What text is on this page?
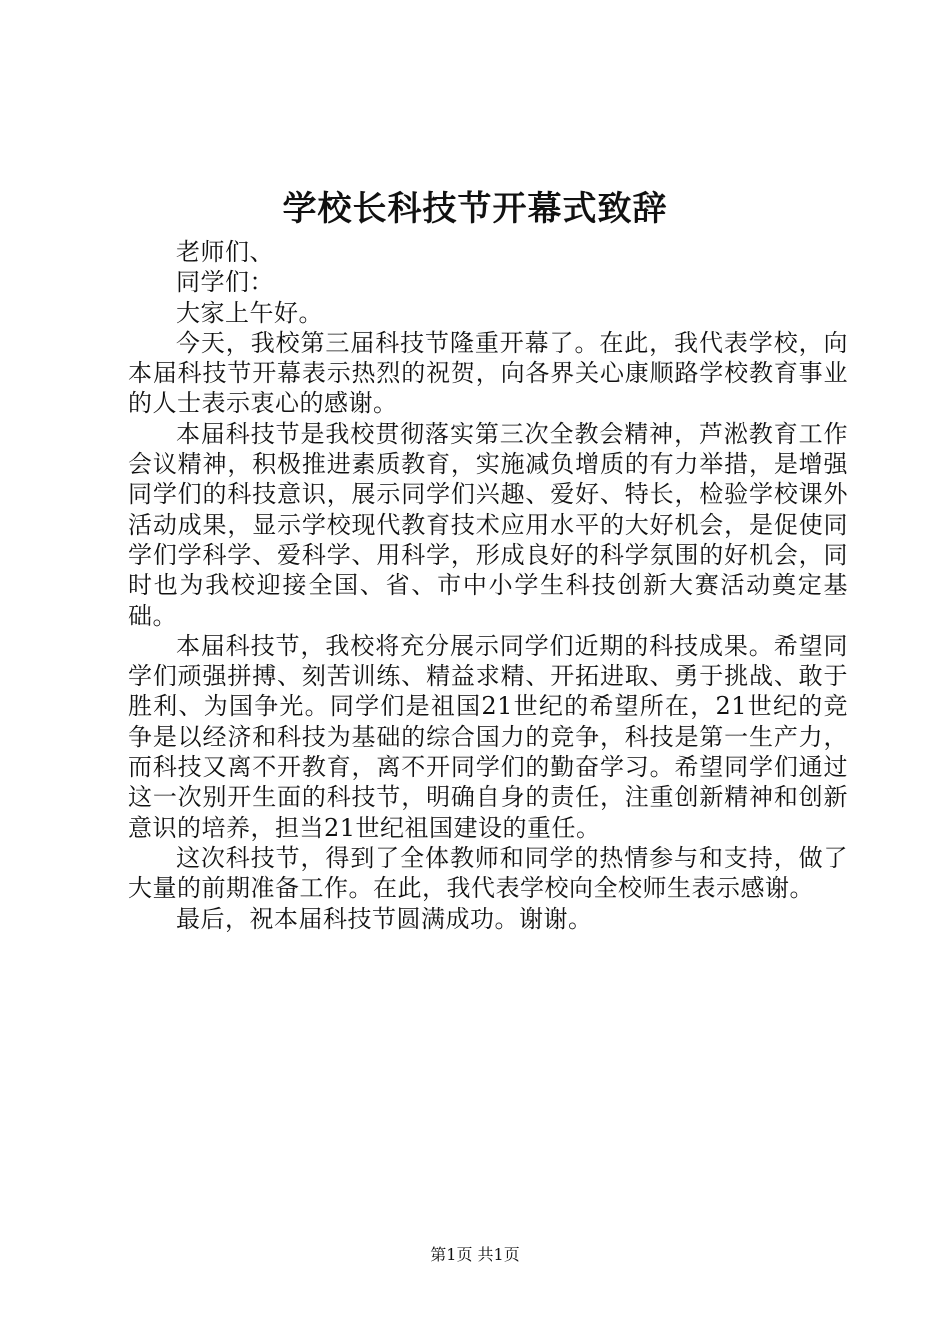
学校长科技节开幕式致辞

老师们、

同学们：

大家上午好。

今天，我校第三届科技节隆重开幕了。在此，我代表学校，向本届科技节开幕表示热烈的祝贺，向各界关心康顺路学校教育事业的人士表示衷心的感谢。

本届科技节是我校贯彻落实第三次全教会精神，芦淞教育工作会议精神，积极推进素质教育，实施减负增质的有力举措，是增强同学们的科技意识，展示同学们兴趣、爱好、特长，检验学校课外活动成果，显示学校现代教育技术应用水平的大好机会，是促使同学们学科学、爱科学、用科学，形成良好的科学氛围的好机会，同时也为我校迎接全国、省、市中小学生科技创新大赛活动奠定基础。

本届科技节，我校将充分展示同学们近期的科技成果。希望同学们顽强拼搏、刻苦训练、精益求精、开拓进取、勇于挑战、敢于胜利、为国争光。同学们是祖国21世纪的希望所在，21世纪的竞争是以经济和科技为基础的综合国力的竞争，科技是第一生产力，而科技又离不开教育，离不开同学们的勤奋学习。希望同学们通过这一次别开生面的科技节，明确自身的责任，注重创新精神和创新意识的培养，担当21世纪祖国建设的重任。

这次科技节，得到了全体教师和同学的热情参与和支持，做了大量的前期准备工作。在此，我代表学校向全校师生表示感谢。

最后，祝本届科技节圆满成功。谢谢。

第1页 共1页
